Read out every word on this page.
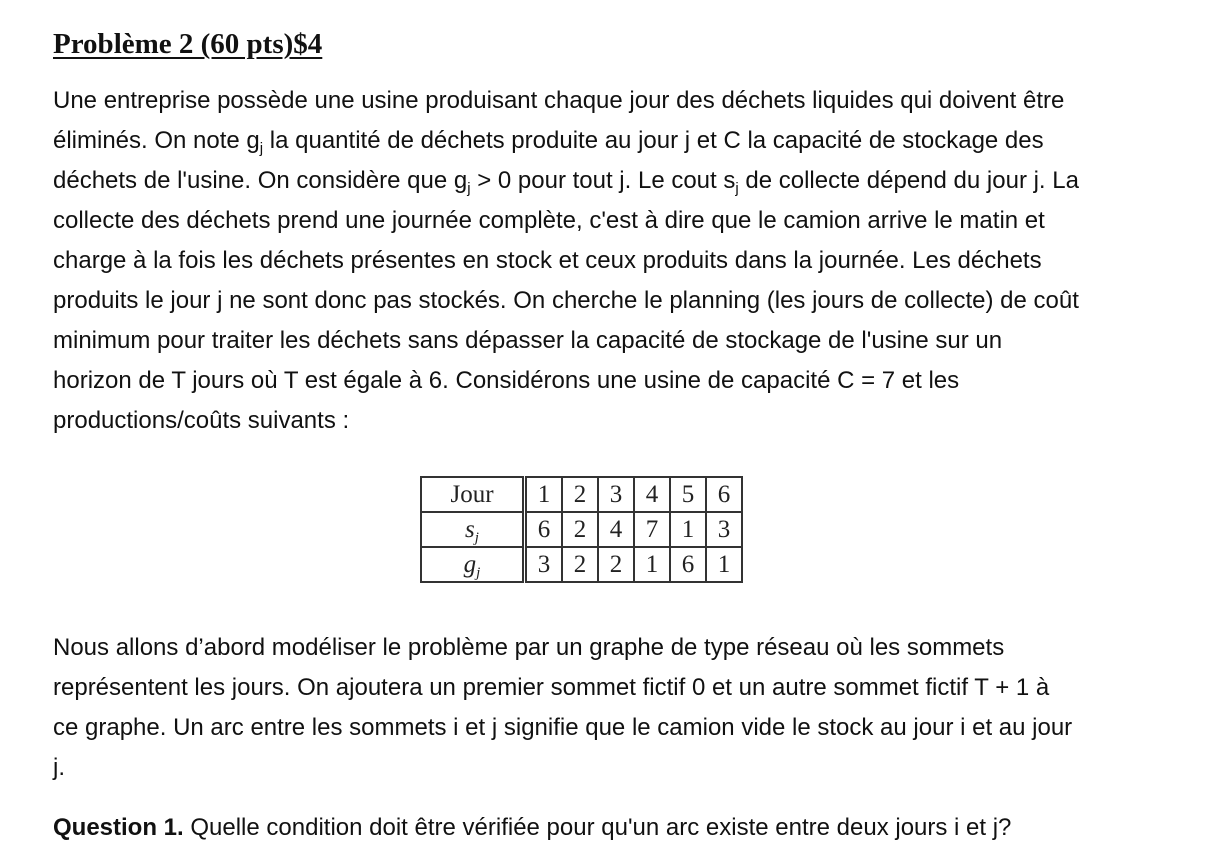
Problème 2 (60 pts)$4
Une entreprise possède une usine produisant chaque jour des déchets liquides qui doivent être
éliminés. On note $g_j$ la quantité de déchets produite au jour j et C la capacité de stockage des
déchets de l'usine. On considère que $g_j > 0$ pour tout j. Le cout $s_j$ de collecte dépend du jour j. La
collecte des déchets prend une journée complète, c'est à dire que le camion arrive le matin et
charge à la fois les déchets présentes en stock et ceux produits dans la journée. Les déchets
produits le jour j ne sont donc pas stockés. On cherche le planning (les jours de collecte) de coût
minimum pour traiter les déchets sans dépasser la capacité de stockage de l'usine sur un
horizon de T jours où T est égale à 6. Considérons une usine de capacité C = 7 et les
productions/coûts suivants :
Jour	1	2	3	4	5	6
$s_j$	6	2	4	7	1	3
$g_j$	3	2	2	1	6	1
Nous allons d’abord modéliser le problème par un graphe de type réseau où les sommets
représentent les jours. On ajoutera un premier sommet fictif 0 et un autre sommet fictif T + 1 à
ce graphe. Un arc entre les sommets i et j signifie que le camion vide le stock au jour i et au jour
j.
Question 1. Quelle condition doit être vérifiée pour qu'un arc existe entre deux jours i et j?
